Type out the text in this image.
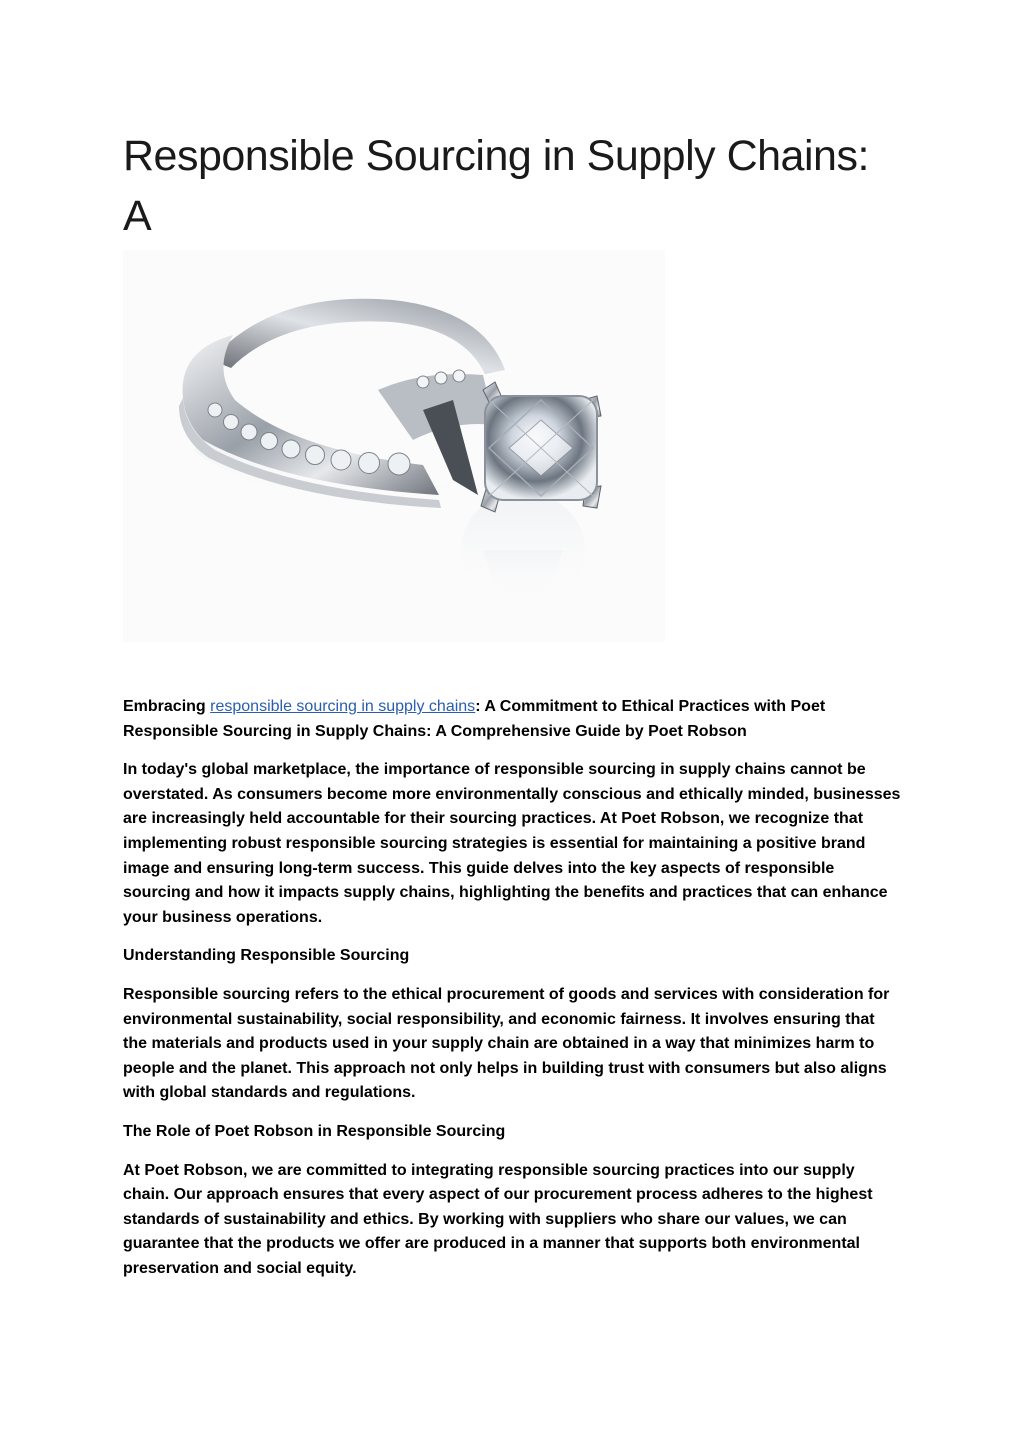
Responsible Sourcing in Supply Chains: A

Embracing responsible sourcing in supply chains: A Commitment to Ethical Practices with Poet Responsible Sourcing in Supply Chains: A Comprehensive Guide by Poet Robson

In today's global marketplace, the importance of responsible sourcing in supply chains cannot be overstated. As consumers become more environmentally conscious and ethically minded, businesses are increasingly held accountable for their sourcing practices. At Poet Robson, we recognize that implementing robust responsible sourcing strategies is essential for maintaining a positive brand image and ensuring long-term success. This guide delves into the key aspects of responsible sourcing and how it impacts supply chains, highlighting the benefits and practices that can enhance your business operations.

Understanding Responsible Sourcing

Responsible sourcing refers to the ethical procurement of goods and services with consideration for environmental sustainability, social responsibility, and economic fairness. It involves ensuring that the materials and products used in your supply chain are obtained in a way that minimizes harm to people and the planet. This approach not only helps in building trust with consumers but also aligns with global standards and regulations.

The Role of Poet Robson in Responsible Sourcing

At Poet Robson, we are committed to integrating responsible sourcing practices into our supply chain. Our approach ensures that every aspect of our procurement process adheres to the highest standards of sustainability and ethics. By working with suppliers who share our values, we can guarantee that the products we offer are produced in a manner that supports both environmental preservation and social equity.
